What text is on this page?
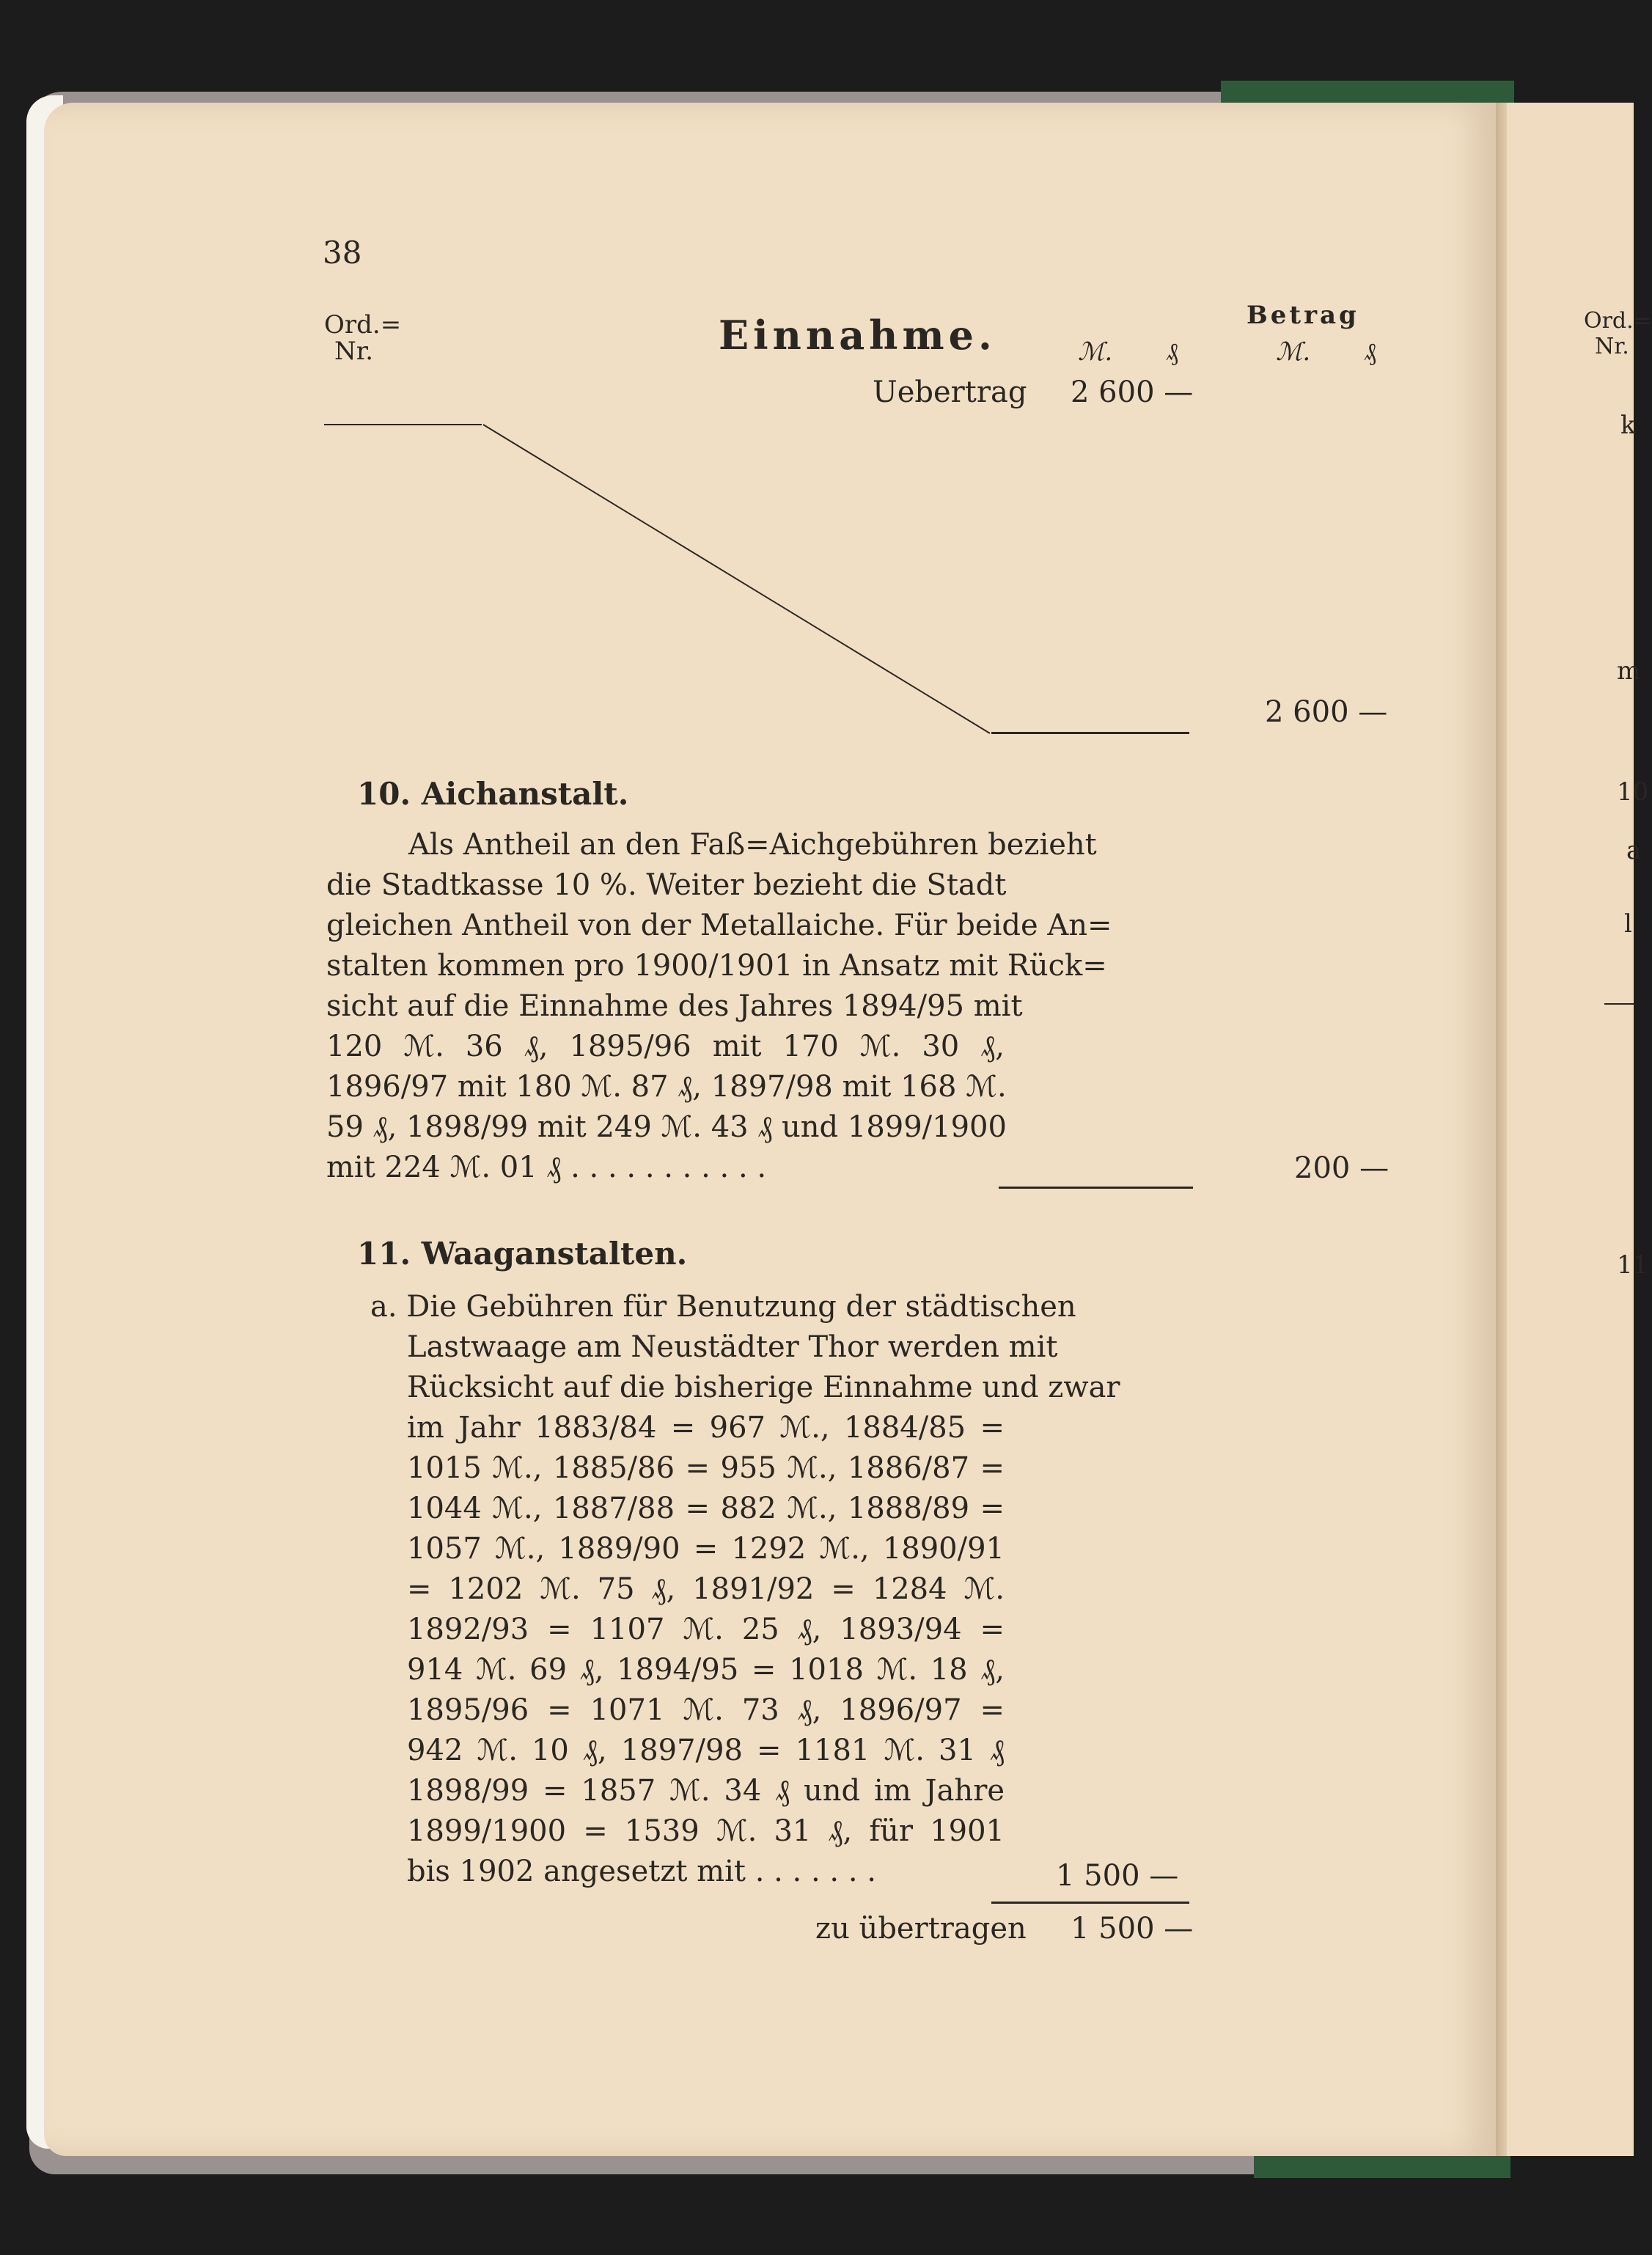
38
Ord.=
Nr.	Einnahme.	ℳ. ₰
Betrag
ℳ. ₰
Uebertrag 2 600 —
2 600 —
10. Aichanstalt.
Als Antheil an den Faß=Aichgebühren bezieht
die Stadtkasse 10 %. Weiter bezieht die Stadt
gleichen Antheil von der Metallaiche. Für beide An=
stalten kommen pro 1900/1901 in Ansatz mit Rück=
sicht auf die Einnahme des Jahres 1894/95 mit
120 ℳ. 36 ₰, 1895/96 mit 170 ℳ. 30 ₰,
1896/97 mit 180 ℳ. 87 ₰, 1897/98 mit 168 ℳ.
59 ₰, 1898/99 mit 249 ℳ. 43 ₰ und 1899/1900
mit 224 ℳ. 01 ₰ . . . . . . . . . . .	200 —
11. Waaganstalten.
a. Die Gebühren für Benutzung der städtischen
Lastwaage am Neustädter Thor werden mit
Rücksicht auf die bisherige Einnahme und zwar
im Jahr 1883/84 = 967 ℳ., 1884/85 =
1015 ℳ., 1885/86 = 955 ℳ., 1886/87 =
1044 ℳ., 1887/88 = 882 ℳ., 1888/89 =
1057 ℳ., 1889/90 = 1292 ℳ., 1890/91
= 1202 ℳ. 75 ₰, 1891/92 = 1284 ℳ.
1892/93 = 1107 ℳ. 25 ₰, 1893/94 =
914 ℳ. 69 ₰, 1894/95 = 1018 ℳ. 18 ₰,
1895/96 = 1071 ℳ. 73 ₰, 1896/97 =
942 ℳ. 10 ₰, 1897/98 = 1181 ℳ. 31 ₰
1898/99 = 1857 ℳ. 34 ₰ und im Jahre
1899/1900 = 1539 ℳ. 31 ₰, für 1901
bis 1902 angesetzt mit . . . . . . .	1 500 —
zu übertragen 1 500 —
Ord.=
Nr.
k
m
10
a
l
11
